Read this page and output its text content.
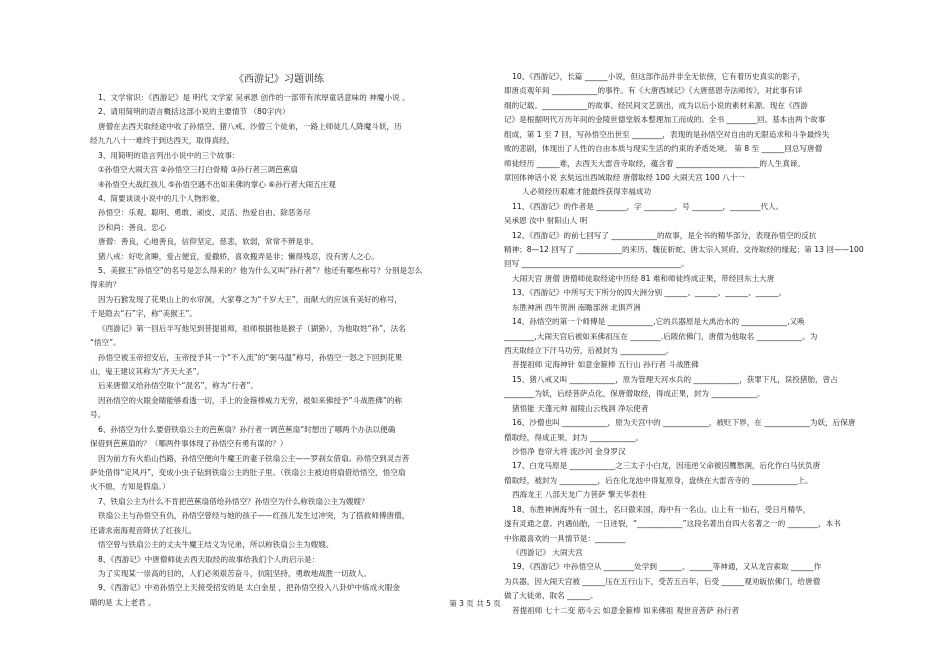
《西游记》习题训练
1、文学常识：《西游记》是 明代 文学家 吴承恩 创作的一部带有浓厚童话意味的 神魔小说 。
2、请用简明的语言概括这部小说的主要情节 （80字内）
唐僧在去西天取经途中收了孙悟空、猪八戒、沙僧三个徒弟，一路上师徒几人降魔斗妖，历
经九九八十一难终于到达西天，取得真经。
3、用简明的语言列出小说中的三个故事：
①孙悟空大闹天宫 ②孙悟空三打白骨精 ③孙行者三调芭蕉扇
④孙悟空大战红孩儿 ⑤孙悟空遇不出如来佛的掌心 ⑥孙行者大闹五庄观
4、简要谈谈小说中的几个人物形象。
孙悟空：乐观、聪明、勇敢、顽皮、灵活、热爱自由、除恶务尽
沙和尚：善良、忠心
唐僧：善良，心地善良，信仰坚定，慈悲，软弱，常常不辨是非。
猪八戒：好吃贪睡，爱占便宜，爱撒娇，喜欢搬弄是非；懒得残忍，没有害人之心。
5、美猴王“孙悟空”的名号是怎么得来的？他为什么又叫“孙行者”？他还有哪些称号？分别是怎么
得来的？
因为石猴发现了花果山上的水帘洞，大家尊之为“千岁大王”，而献大的应该有美好的称号，
于是隐去“石”字，称“美猴王”。
《西游记》第一回后半写他见到菩提祖师，祖师根据他是猴子（猢狲），为他取姓“孙”，法名
“悟空”。
孙悟空被玉帝招安后，玉帝授予其一个“不入流”的“弼马温”称号，孙悟空一怒之下回到花果
山，鬼王建议其称为“齐天大圣”。
后来唐僧又给孙悟空取个“混名”，称为“行者”。
因孙悟空的火眼金睛能够看透一切，手上的金箍棒威力无穷，被如来佛授予“斗战胜佛”的称
号。
6、孙悟空为什么要借铁扇公主的芭蕉扇？孙行者一调芭蕉扇“时想出了哪两个办法以便确
保借到芭蕉扇的？（哪两件事体现了孙悟空有勇有谋的？）
因为前方有火焰山挡路，孙悟空便向牛魔王的妻子铁扇公主——罗刹女借扇。孙悟空到灵吉菩
萨处借得“定风丹”，变成小虫子钻到铁扇公主的肚子里。（铁扇公主被迫将扇借给悟空，悟空扇
火不熄，方知是假扇。）
7、铁扇公主为什么不肯把芭蕉扇借给孙悟空？孙悟空为什么称铁扇公主为嫂嫂？
铁扇公主与孙悟空有仇，孙悟空曾经与她的孩子——红孩儿发生过冲突，为了搭救师傅唐僧，
还请求南海观音降伏了红孩儿。
悟空曾与铁扇公主的丈夫牛魔王结义为兄弟，所以称铁扇公主为嫂嫂。
8、《西游记》中唐僧师徒去西天取经的故事给我们个人的启示是：
为了实现某一崇高的目的，人们必须艰苦奋斗，抗阻坚持，勇敢地战胜一切敌人。
9、《西游记》中劝孙悟空上天接受招安的是 太白金星 ，把孙悟空投入八卦炉中炼成火眼金
睛的是 太上老君 。
10、《西游记》，长篇 ______小说，但这部作品并非全无依傍，它有着历史真实的影子，
即唐贞观年间 ____________的事件。有《大唐西域记》《大唐慈恩寺法师传》，对此事有详
细的记载。____________的故事、经民间文艺演出，成为以后小说的素材来源。现在《西游
记》是根据明代万历年间的金陵世德堂版本整理加工而成的。全书 ________回。基本由两个故事
组成，第 1 至 7 回，写孙悟空出世至 ________，表现的是孙悟空对自由的无限追求和斗争最终失
败的悲剧，体现出了人性的自由本质与现实生活的约束的矛盾处境。 第 8 至 ______回总写唐僧
师徒经历 ______难，去西天大雷音寺取经，蕴含着 ______________________的人生真谛。
章回体神话小说 玄奘远出西域取经 唐僧取经 100 大闹天宫 100 八十一
人必须经历艰难才能最终获得幸福成功
11、《西游记》的作者是 ________，字 ________，号 ________，________代人。
吴承恩 汝中 射阳山人 明
12、《西游记》的前七回写了 ____________的故事，是全书的精华部分，表现孙悟空的反抗
精神；8—12 回写了 ____________的来历、魏征斩蛇、唐太宗入冥府、交待取经的缘起；第 13 回——100
回写 __________________________________________。
大闹天宫 唐僧 唐僧师徒取经途中历经 81 难和师徒终成正果，带经回东土大唐
13、《西游记》中所写天下所分的四大洲分别 ______、______、______、______。
东胜神洲 西牛贺洲 南瞻部洲 北俱芦洲
14、孙悟空的第一个师傅是 ____________,它的兵器原是大禹治水的 ____________,又唤
________,大闹天宫后被如来佛祖压在 ________.后陂依佛门，唐僧为他取名 ____________。为
西天取经立下汗马功劳，后被封为 ____________。
菩提祖师 定海神针 如意金箍棒 五行山 孙行者 斗战胜佛
15、猪八戒又叫 ____________，原为管理天河水兵的 ____________，获罪下凡，误投猪胎，曾占
________为妖，后经菩萨点化，保唐僧取经，得成正果，封为 ____________。
猪悟能 天蓬元帅 福陵山云栈洞 净坛使者
16、沙僧也叫 ____________，原为天宫中的 ____________，被贬下界，在 ____________为妖，后保唐
僧取经，得成正果，封为 ____________。
沙悟净 卷帘大将 流沙河 金身罗汉
17、白龙马原是 ____________之三太子小白龙，因违逆父命被囚鹰愁涧，后化作白马伏负唐
僧取经，被封为 __________，后在化龙池中得复原身，盘绕在大雷音寺的 ____________上。
西海龙王 八部天龙广力菩萨 擎天华表柱
18、东胜神洲海外有一国土，名曰傲来国，海中有一名山，山上有一仙石，受日月精华，
遂有灵通之意。内遇仙胎，一日迸裂，“____________”这段名著出自四大名著之一的 ________，本书
中你最喜欢的一具情节是：________
《西游记》 大闹天宫
19、《西游记》中孙悟空从 ________处学到 ______、______等神通，又从龙宫索取 ______作
为兵器，因大闹天宫被 ______压在五行山下，受苦五百年，后受 ______观劝皈依佛门，给唐僧
做了大徒弟，取名 ______。
菩提祖师 七十二变 筋斗云 如意金箍棒 如来佛祖 观世音菩萨 孙行者
第 3 页 共 5 页
